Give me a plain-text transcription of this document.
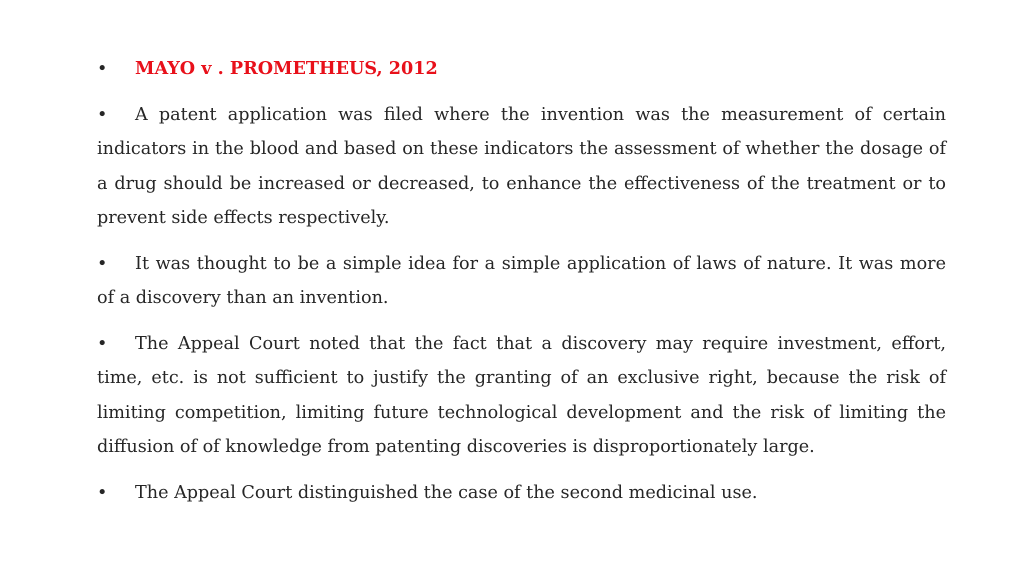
• MAYO v . PROMETHEUS, 2012

• A patent application was filed where the invention was the measurement of certain indicators in the blood and based on these indicators the assessment of whether the dosage of a drug should be increased or decreased, to enhance the effectiveness of the treatment or to prevent side effects respectively.

• It was thought to be a simple idea for a simple application of laws of nature. It was more of a discovery than an invention.

• The Appeal Court noted that the fact that a discovery may require investment, effort, time, etc. is not sufficient to justify the granting of an exclusive right, because the risk of limiting competition, limiting future technological development and the risk of limiting the diffusion of of knowledge from patenting discoveries is disproportionately large.

• The Appeal Court distinguished the case of the second medicinal use.
